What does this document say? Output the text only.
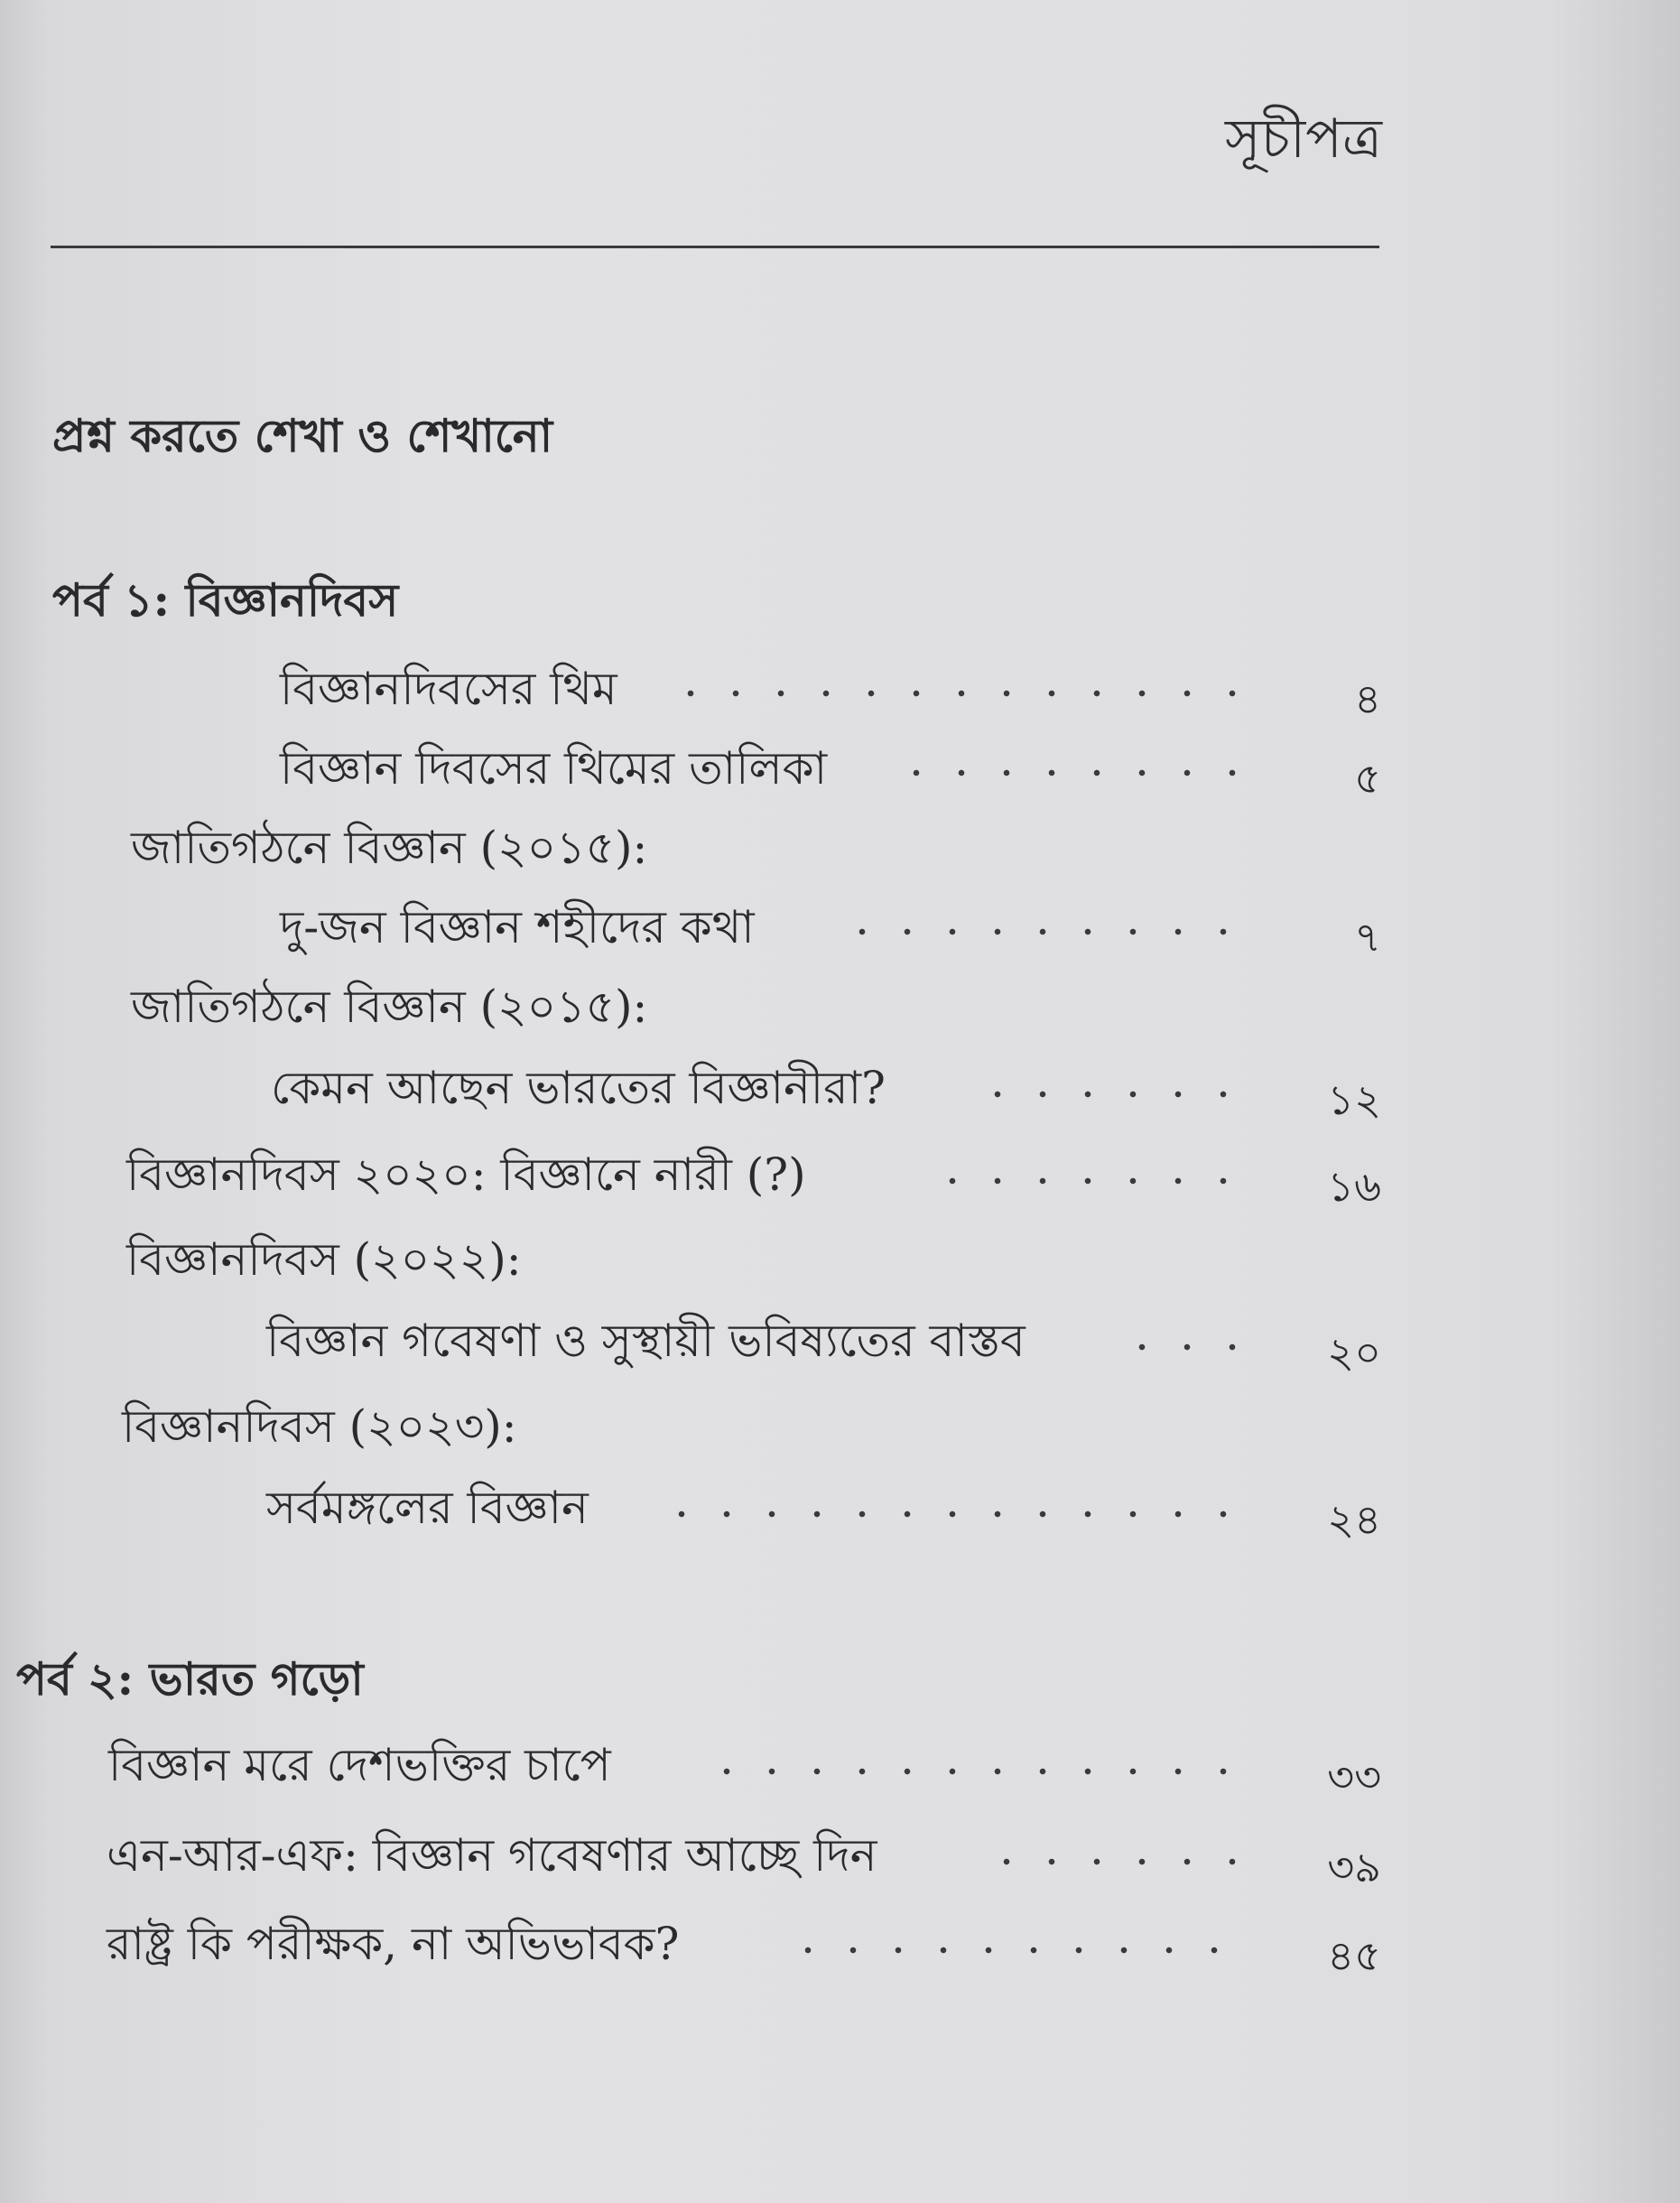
সূচীপত্র
প্রশ্ন করতে শেখা ও শেখানো
পর্ব ১: বিজ্ঞানদিবস
বিজ্ঞানদিবসের থিম	৪
বিজ্ঞান দিবসের থিমের তালিকা	৫
জাতিগঠনে বিজ্ঞান (২০১৫):
দু-জন বিজ্ঞান শহীদের কথা	৭
জাতিগঠনে বিজ্ঞান (২০১৫):
কেমন আছেন ভারতের বিজ্ঞানীরা?	১২
বিজ্ঞানদিবস ২০২০: বিজ্ঞানে নারী (?)	১৬
বিজ্ঞানদিবস (২০২২):
বিজ্ঞান গবেষণা ও সুস্থায়ী ভবিষ্যতের বাস্তব	২০
বিজ্ঞানদিবস (২০২৩):
সর্বমঙ্গলের বিজ্ঞান	২৪
পর্ব ২: ভারত গড়ো
বিজ্ঞান মরে দেশভক্তির চাপে	৩৩
এন-আর-এফ: বিজ্ঞান গবেষণার আচ্ছে দিন	৩৯
রাষ্ট্র কি পরীক্ষক, না অভিভাবক?	৪৫
